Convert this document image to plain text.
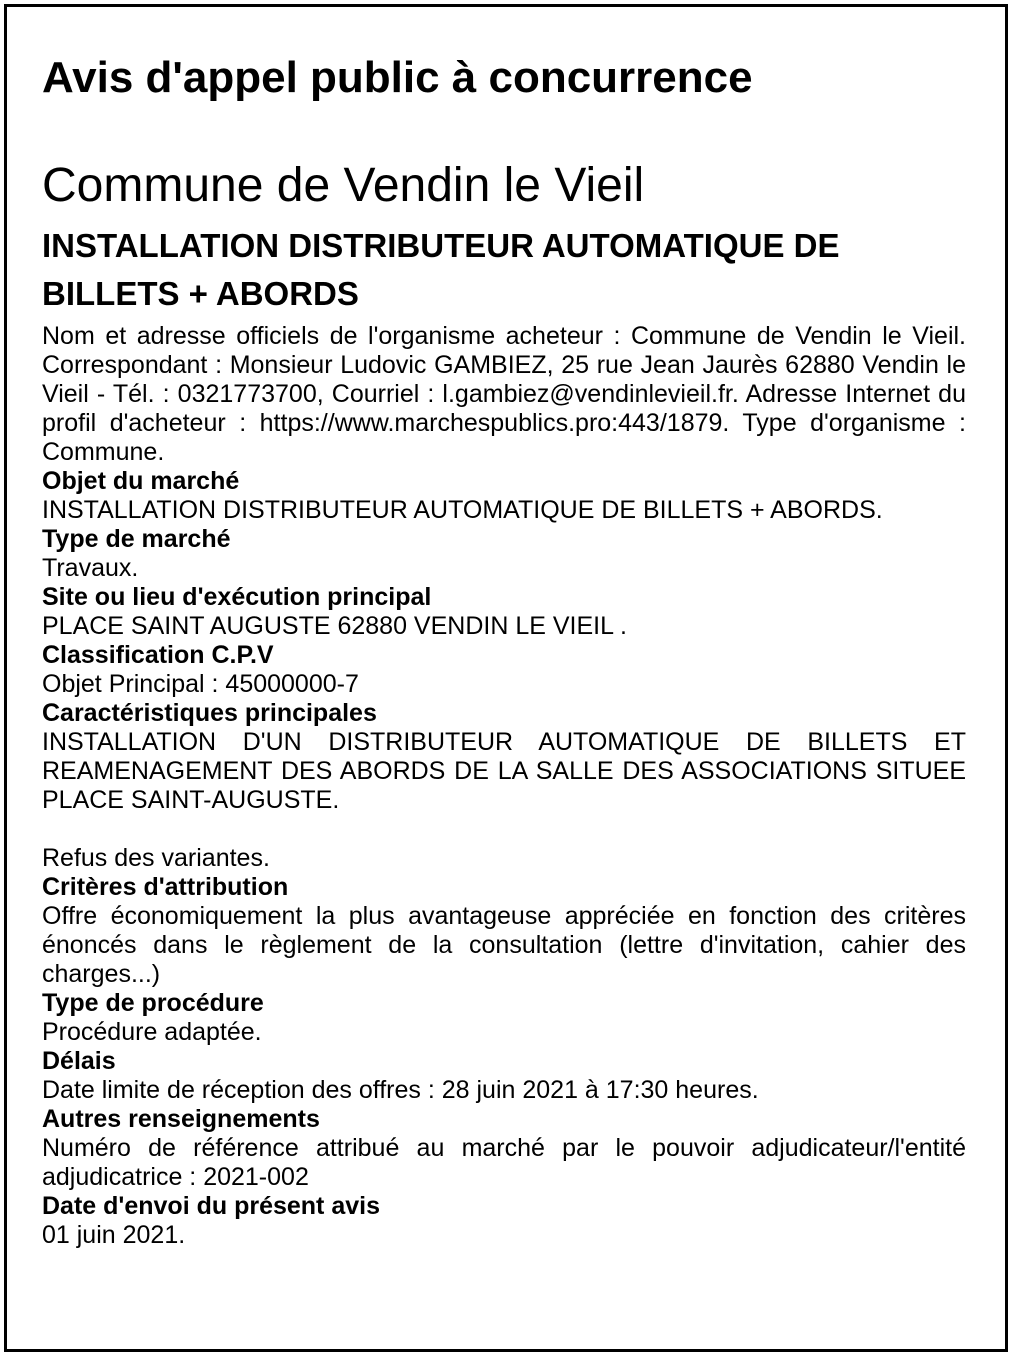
Avis d'appel public à concurrence
Commune de Vendin le Vieil
INSTALLATION DISTRIBUTEUR AUTOMATIQUE DE BILLETS + ABORDS

Nom et adresse officiels de l'organisme acheteur : Commune de Vendin le Vieil. Correspondant : Monsieur Ludovic GAMBIEZ, 25 rue Jean Jaurès 62880 Vendin le Vieil - Tél. : 0321773700, Courriel : l.gambiez@vendinlevieil.fr. Adresse Internet du profil d'acheteur : https://www.marchespublics.pro:443/1879. Type d'organisme : Commune.

Objet du marché

INSTALLATION DISTRIBUTEUR AUTOMATIQUE DE BILLETS + ABORDS.

Type de marché

Travaux.

Site ou lieu d'exécution principal

PLACE SAINT AUGUSTE 62880 VENDIN LE VIEIL .

Classification C.P.V

Objet Principal : 45000000-7

Caractéristiques principales

INSTALLATION D'UN DISTRIBUTEUR AUTOMATIQUE DE BILLETS ET REAMENAGEMENT DES ABORDS DE LA SALLE DES ASSOCIATIONS SITUEE PLACE SAINT-AUGUSTE.

Refus des variantes.

Critères d'attribution

Offre économiquement la plus avantageuse appréciée en fonction des critères énoncés dans le règlement de la consultation (lettre d'invitation, cahier des charges...)

Type de procédure

Procédure adaptée.

Délais

Date limite de réception des offres : 28 juin 2021 à 17:30 heures.

Autres renseignements

Numéro de référence attribué au marché par le pouvoir adjudicateur/l'entité adjudicatrice : 2021-002

Date d'envoi du présent avis

01 juin 2021.
